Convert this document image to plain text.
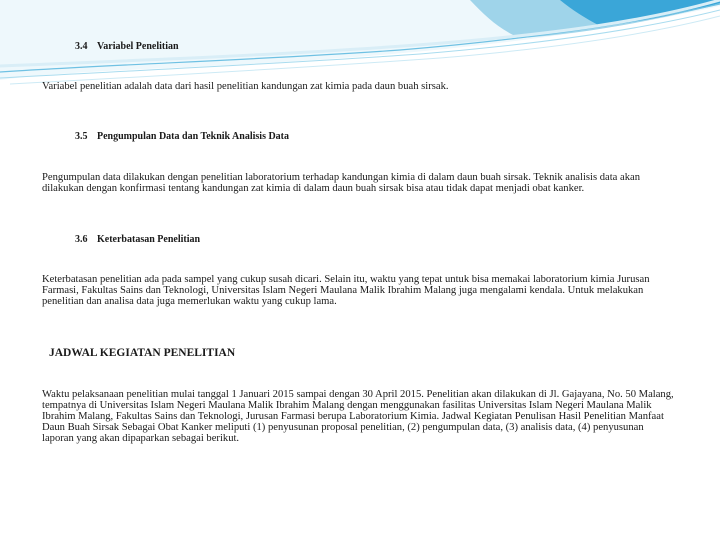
3.4 Variabel Penelitian
Variabel penelitian adalah data dari hasil penelitian kandungan zat kimia pada daun buah sirsak.
3.5 Pengumpulan Data dan Teknik Analisis Data
Pengumpulan data dilakukan dengan penelitian laboratorium terhadap kandungan kimia di dalam daun buah sirsak. Teknik analisis data akan dilakukan dengan konfirmasi tentang kandungan zat kimia di dalam daun buah sirsak bisa atau tidak dapat menjadi obat kanker.
3.6 Keterbatasan Penelitian
Keterbatasan penelitian ada pada sampel yang cukup susah dicari. Selain itu, waktu yang tepat untuk bisa memakai laboratorium kimia Jurusan Farmasi, Fakultas Sains dan Teknologi, Universitas Islam Negeri Maulana Malik Ibrahim Malang juga mengalami kendala. Untuk melakukan penelitian dan analisa data juga memerlukan waktu yang cukup lama.
JADWAL KEGIATAN PENELITIAN
Waktu pelaksanaan penelitian mulai tanggal 1 Januari 2015 sampai dengan 30 April 2015. Penelitian akan dilakukan di Jl. Gajayana, No. 50 Malang, tempatnya di Universitas Islam Negeri Maulana Malik Ibrahim Malang dengan menggunakan fasilitas Universitas Islam Negeri Maulana Malik Ibrahim Malang, Fakultas Sains dan Teknologi, Jurusan Farmasi berupa Laboratorium Kimia. Jadwal Kegiatan Penulisan Hasil Penelitian Manfaat Daun Buah Sirsak Sebagai Obat Kanker meliputi (1) penyusunan proposal penelitian, (2) pengumpulan data, (3) analisis data, (4) penyusunan laporan yang akan dipaparkan sebagai berikut.
